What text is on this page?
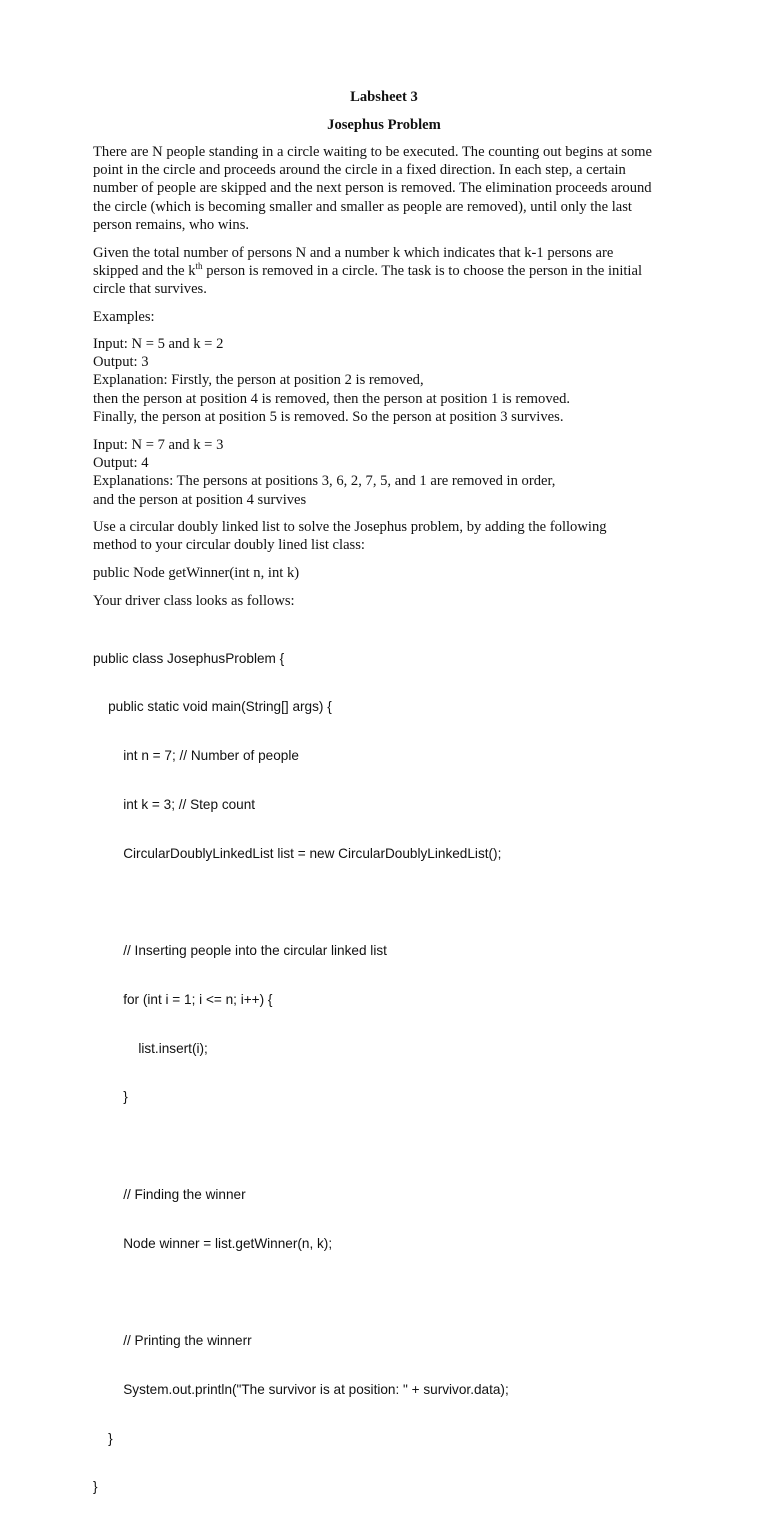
Labsheet 3
Josephus Problem

There are N people standing in a circle waiting to be executed. The counting out begins at some
point in the circle and proceeds around the circle in a fixed direction. In each step, a certain
number of people are skipped and the next person is removed. The elimination proceeds around
the circle (which is becoming smaller and smaller as people are removed), until only the last
person remains, who wins.

Given the total number of persons N and a number k which indicates that k-1 persons are
skipped and the $k^{th}$ person is removed in a circle. The task is to choose the person in the initial
circle that survives.

Examples:

Input: N = 5 and k = 2
Output: 3
Explanation: Firstly, the person at position 2 is removed,
then the person at position 4 is removed, then the person at position 1 is removed.
Finally, the person at position 5 is removed. So the person at position 3 survives.
Input: N = 7 and k = 3
Output: 4
Explanations: The persons at positions 3, 6, 2, 7, 5, and 1 are removed in order,
and the person at position 4 survives
Use a circular doubly linked list to solve the Josephus problem, by adding the following
method to your circular doubly lined list class:

public Node getWinner(int n, int k)

Your driver class looks as follows:

public class JosephusProblem {

public static void main(String[] args) {

int n = 7; // Number of people

int k = 3; // Step count

CircularDoublyLinkedList list = new CircularDoublyLinkedList();

// Inserting people into the circular linked list

for (int i = 1; i <= n; i++) {

list.insert(i);

}

// Finding the winner

Node winner = list.getWinner(n, k);

// Printing the winnerr

System.out.println("The survivor is at position: " + survivor.data);

}

}
